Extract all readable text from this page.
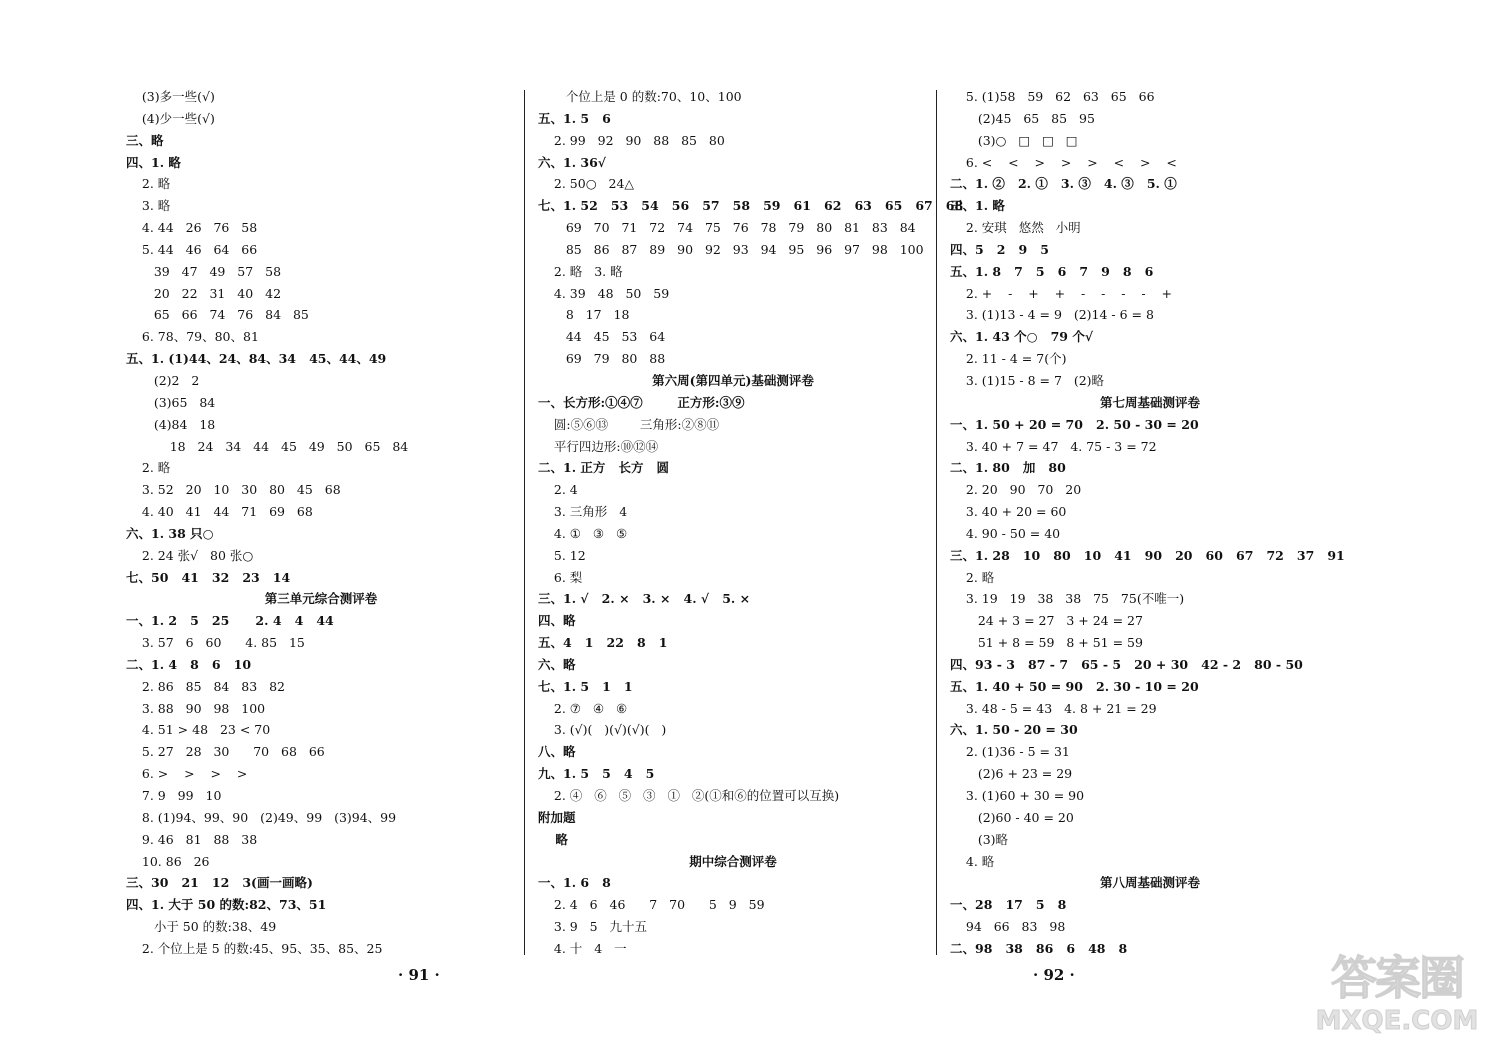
(3)多一些(√)
(4)少一些(√)
三、略
四、1. 略
2. 略
3. 略
4. 44   26   76   58
5. 44   46   64   66
39   47   49   57   58
20   22   31   40   42
65   66   74   76   84   85
6. 78、79、80、81
五、1. (1)44、24、84、34   45、44、49
(2)2   2
(3)65   84
(4)84   18
18   24   34   44   45   49   50   65   84
2. 略
3. 52   20   10   30   80   45   68
4. 40   41   44   71   69   68
六、1. 38 只○
2. 24 张√   80 张○
七、50   41   32   23   14
第三单元综合测评卷
一、1. 2   5   25      2. 4   4   44
3. 57   6   60      4. 85   15
二、1. 4   8   6   10
2. 86   85   84   83   82
3. 88   90   98   100
4. 51 > 48   23 < 70
5. 27   28   30      70   68   66
6. >    >    >    >
7. 9   99   10
8. (1)94、99、90   (2)49、99   (3)94、99
9. 46   81   88   38
10. 86   26
三、30   21   12   3(画一画略)
四、1. 大于 50 的数:82、73、51
小于 50 的数:38、49
2. 个位上是 5 的数:45、95、35、85、25
个位上是 0 的数:70、10、100
五、1. 5   6
2. 99   92   90   88   85   80
六、1. 36√
2. 50○   24△
七、1. 52   53   54   56   57   58   59   61   62   63   65   67   68
69   70   71   72   74   75   76   78   79   80   81   83   84
85   86   87   89   90   92   93   94   95   96   97   98   100
2. 略   3. 略
4. 39   48   50   59
8   17   18
44   45   53   64
69   79   80   88
第六周(第四单元)基础测评卷
一、长方形:①④⑦        正方形:③⑨
圆:⑤⑥⑬        三角形:②⑧⑪
平行四边形:⑩⑫⑭
二、1. 正方   长方   圆
2. 4
3. 三角形   4
4. ①   ③   ⑤
5. 12
6. 梨
三、1. √   2. ×   3. ×   4. √   5. ×
四、略
五、4   1   22   8   1
六、略
七、1. 5   1   1
2. ⑦   ④   ⑥
3. (√)(   )(√)(√)(   )
八、略
九、1. 5   5   4   5
2. ④   ⑥   ⑤   ③   ①   ②(①和⑥的位置可以互换)
附加题
略
期中综合测评卷
一、1. 6   8
2. 4   6   46      7   70      5   9   59
3. 9   5   九十五
4. 十   4   一
5. (1)58   59   62   63   65   66
(2)45   65   85   95
(3)○   □   □   □
6. <    <    >    >    >    <    >    <
二、1. ②   2. ①   3. ③   4. ③   5. ①
三、1. 略
2. 安琪   悠然   小明
四、5   2   9   5
五、1. 8   7   5   6   7   9   8   6
2. +    -    +    +    -    -    -    -    +
3. (1)13 - 4 = 9   (2)14 - 6 = 8
六、1. 43 个○   79 个√
2. 11 - 4 = 7(个)
3. (1)15 - 8 = 7   (2)略
第七周基础测评卷
一、1. 50 + 20 = 70   2. 50 - 30 = 20
3. 40 + 7 = 47   4. 75 - 3 = 72
二、1. 80   加   80
2. 20   90   70   20
3. 40 + 20 = 60
4. 90 - 50 = 40
三、1. 28   10   80   10   41   90   20   60   67   72   37   91
2. 略
3. 19   19   38   38   75   75(不唯一)
24 + 3 = 27   3 + 24 = 27
51 + 8 = 59   8 + 51 = 59
四、93 - 3   87 - 7   65 - 5   20 + 30   42 - 2   80 - 50
五、1. 40 + 50 = 90   2. 30 - 10 = 20
3. 48 - 5 = 43   4. 8 + 21 = 29
六、1. 50 - 20 = 30
2. (1)36 - 5 = 31
(2)6 + 23 = 29
3. (1)60 + 30 = 90
(2)60 - 40 = 20
(3)略
4. 略
第八周基础测评卷
一、28   17   5   8
94   66   83   98
二、98   38   86   6   48   8
· 91 ·	· 92 ·	答案圈
MXQE.COM
